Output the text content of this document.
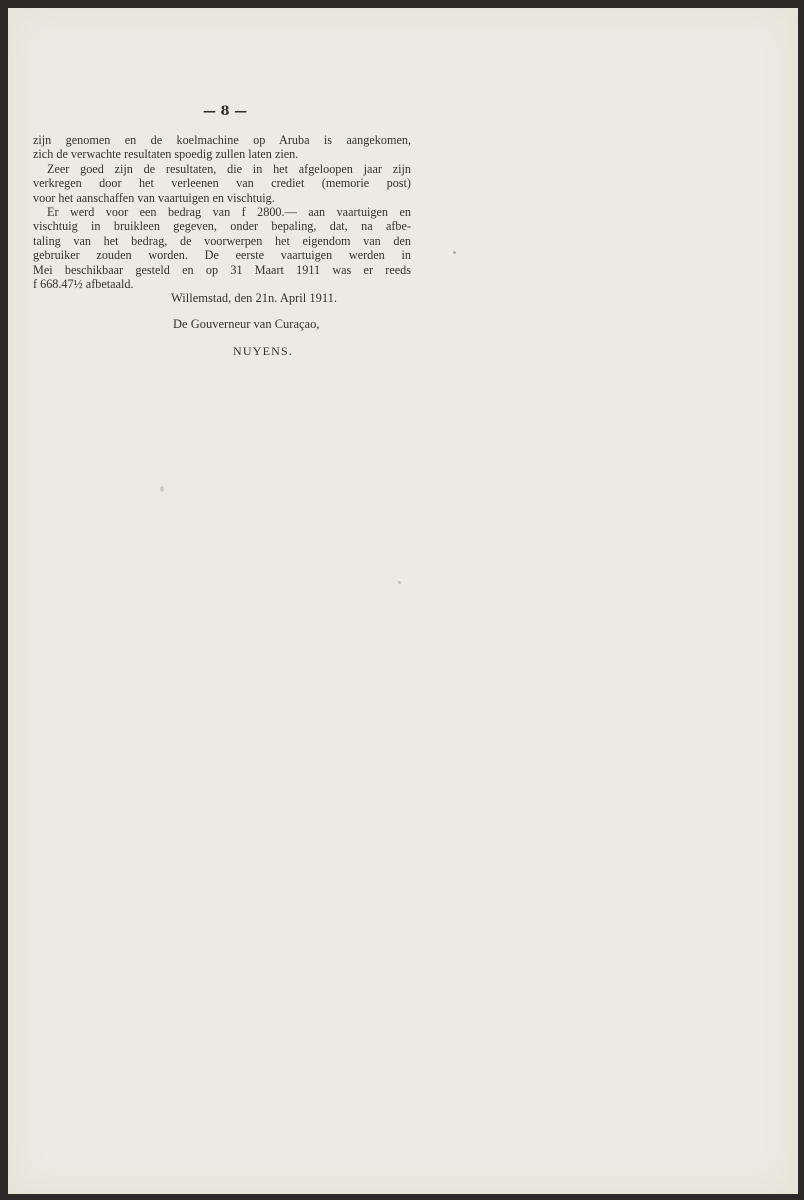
— 8 —
zijn genomen en de koelmachine op Aruba is aangekomen,
zich de verwachte resultaten spoedig zullen laten zien.
Zeer goed zijn de resultaten, die in het afgeloopen jaar zijn
verkregen door het verleenen van crediet (memorie post)
voor het aanschaffen van vaartuigen en vischtuig.
Er werd voor een bedrag van f 2800.— aan vaartuigen en
vischtuig in bruikleen gegeven, onder bepaling, dat, na afbe-
taling van het bedrag, de voorwerpen het eigendom van den
gebruiker zouden worden. De eerste vaartuigen werden in
Mei beschikbaar gesteld en op 31 Maart 1911 was er reeds
f 668.47½ afbetaald.
Willemstad, den 21n. April 1911.
De Gouverneur van Curaçao,
NUYENS.
